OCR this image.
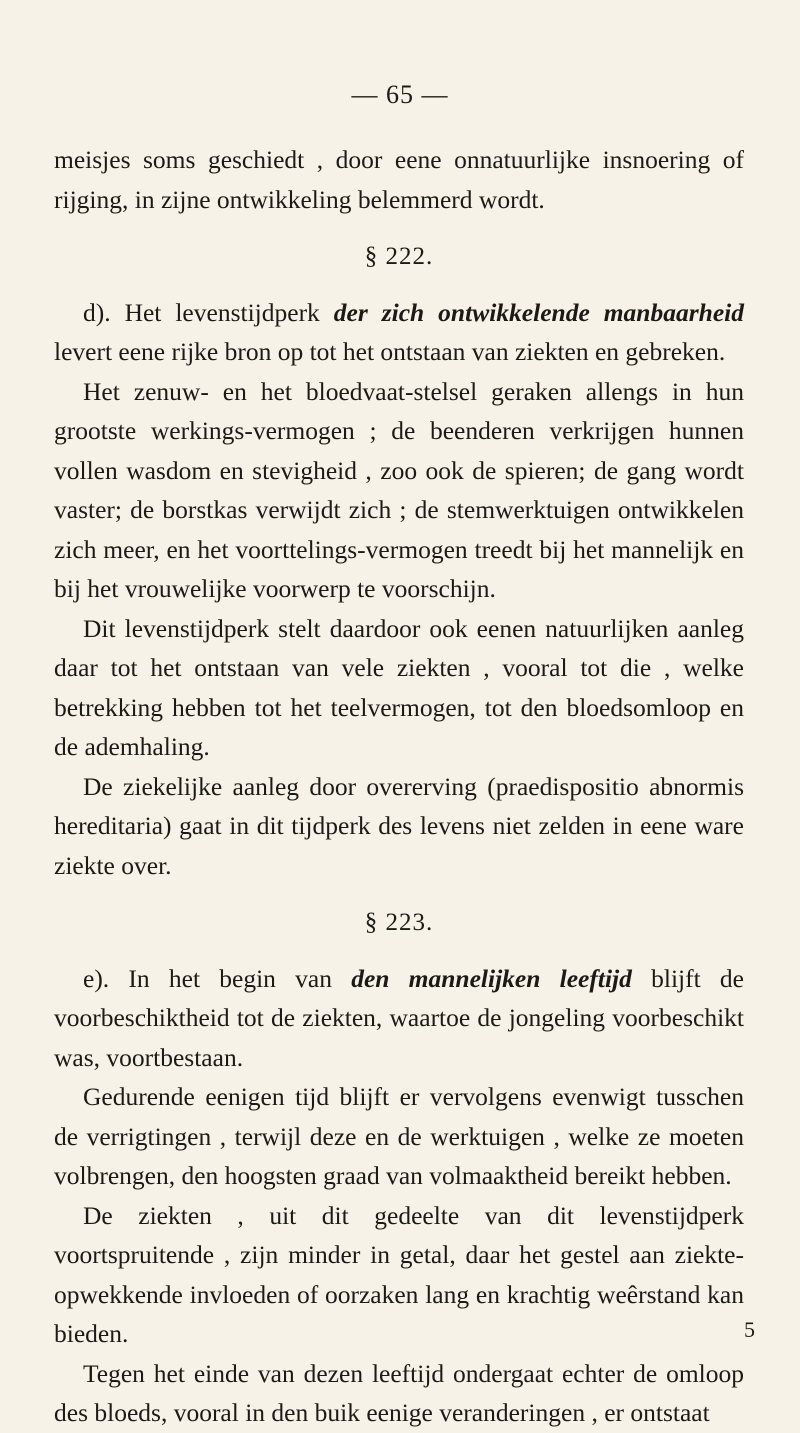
— 65 —

meisjes soms geschiedt , door eene onnatuurlijke insnoering of rijging, in zijne ontwikkeling belemmerd wordt.

§ 222.

d). Het levenstijdperk der zich ontwikkelende manbaarheid levert eene rijke bron op tot het ontstaan van ziekten en gebreken.

Het zenuw- en het bloedvaat-stelsel geraken allengs in hun grootste werkings-vermogen ; de beenderen verkrijgen hunnen vollen wasdom en stevigheid , zoo ook de spieren; de gang wordt vaster; de borstkas verwijdt zich ; de stemwerktuigen ontwikkelen zich meer, en het voorttelings-vermogen treedt bij het mannelijk en bij het vrouwelijke voorwerp te voorschijn.

Dit levenstijdperk stelt daardoor ook eenen natuurlijken aanleg daar tot het ontstaan van vele ziekten , vooral tot die , welke betrekking hebben tot het teelvermogen, tot den bloedsomloop en de ademhaling.

De ziekelijke aanleg door overerving (praedispositio abnormis hereditaria) gaat in dit tijdperk des levens niet zelden in eene ware ziekte over.

§ 223.

e). In het begin van den mannelijken leeftijd blijft de voorbeschiktheid tot de ziekten, waartoe de jongeling voorbeschikt was, voortbestaan.

Gedurende eenigen tijd blijft er vervolgens evenwigt tusschen de verrigtingen , terwijl deze en de werktuigen , welke ze moeten volbrengen, den hoogsten graad van volmaaktheid bereikt hebben.

De ziekten , uit dit gedeelte van dit levenstijdperk voortspruitende , zijn minder in getal, daar het gestel aan ziekte-opwekkende invloeden of oorzaken lang en krachtig weêrstand kan bieden.

Tegen het einde van dezen leeftijd ondergaat echter de omloop des bloeds, vooral in den buik eenige veranderingen , er ontstaat

5
